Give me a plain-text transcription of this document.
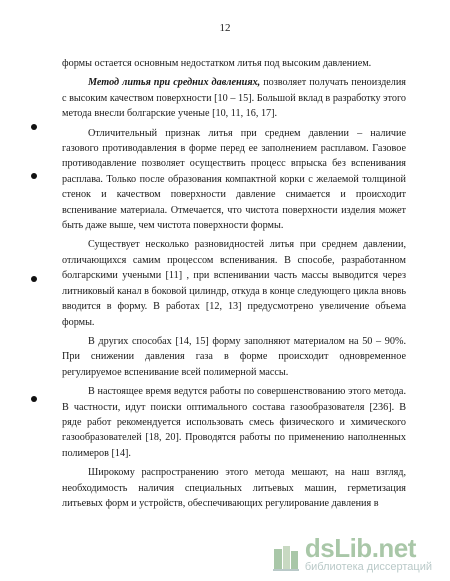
12

формы остается основным недостатком литья под высоким давлением.

Метод литья при средних давлениях, позволяет получать пеноизделия с высоким качеством поверхности [10 – 15]. Большой вклад в разработку этого метода внесли болгарские ученые [10, 11, 16, 17].

Отличительный признак литья при среднем давлении – наличие газового противодавления в форме перед ее заполнением расплавом. Газовое противодавление позволяет осуществить процесс впрыска без вспенивания расплава. Только после образования компактной корки с желаемой толщиной стенок и качеством поверхности давление снимается и происходит вспенивание материала. Отмечается, что чистота поверхности изделия может быть даже выше, чем чистота поверхности формы.

Существует несколько разновидностей литья при среднем давлении, отличающихся самим процессом вспенивания. В способе, разработанном болгарскими учеными [11] , при вспенивании часть массы выводится через литниковый канал в боковой цилиндр, откуда в конце следующего цикла вновь вводится в форму. В работах [12, 13] предусмотрено увеличение объема формы.

В других способах [14, 15] форму заполняют материалом на 50 – 90%. При снижении давления газа в форме происходит одновременное регулируемое вспенивание всей полимерной массы.

В настоящее время ведутся работы по совершенствованию этого метода. В частности, идут поиски оптимального состава газообразователя [236]. В ряде работ рекомендуется использовать смесь физического и химического газообразователей [18, 20]. Проводятся работы по применению наполненных полимеров [14].

Широкому распространению этого метода мешают, на наш взгляд, необходимость наличия специальных литьевых машин, герметизация литьевых форм и устройств, обеспечивающих регулирование давления в

dsLib.net
библиотека диссертаций
